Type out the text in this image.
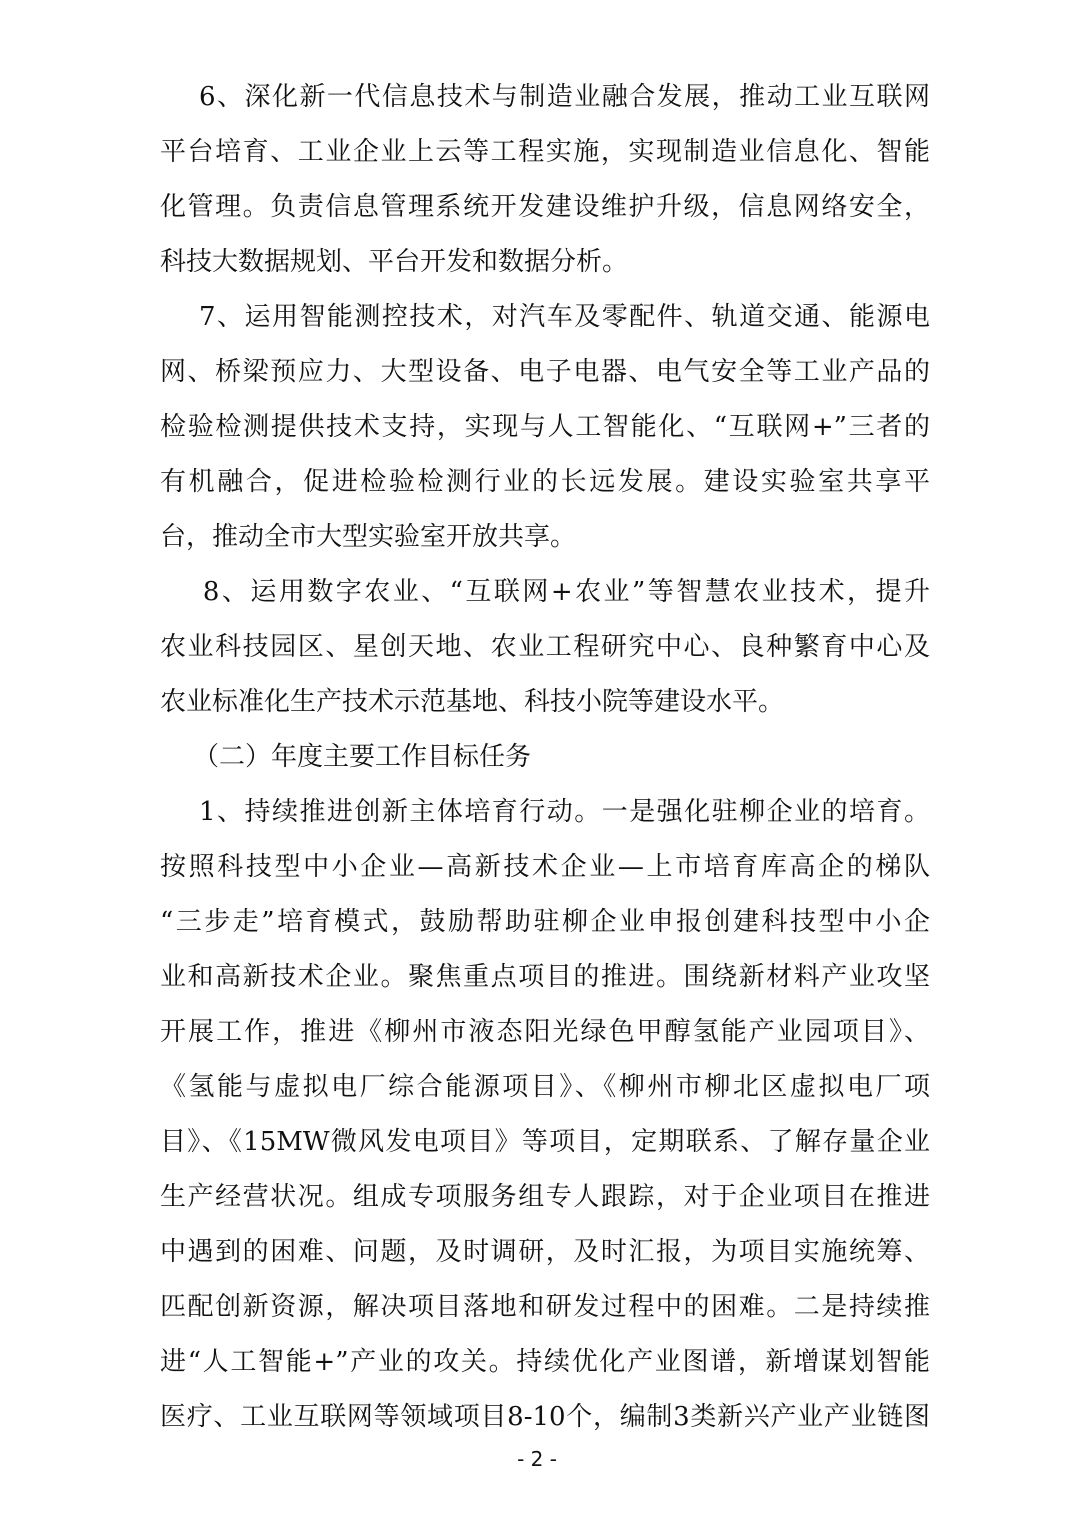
6、深化新一代信息技术与制造业融合发展，推动工业互联网
平台培育、工业企业上云等工程实施，实现制造业信息化、智能
化管理。负责信息管理系统开发建设维护升级，信息网络安全，
科技大数据规划、平台开发和数据分析。
7、运用智能测控技术，对汽车及零配件、轨道交通、能源电
网、桥梁预应力、大型设备、电子电器、电气安全等工业产品的
检验检测提供技术支持，实现与人工智能化、“互联网+”三者的
有机融合，促进检验检测行业的长远发展。建设实验室共享平
台，推动全市大型实验室开放共享。
8、运用数字农业、“互联网+农业”等智慧农业技术，提升
农业科技园区、星创天地、农业工程研究中心、良种繁育中心及
农业标准化生产技术示范基地、科技小院等建设水平。
（二）年度主要工作目标任务
1、持续推进创新主体培育行动。一是强化驻柳企业的培育。
按照科技型中小企业—高新技术企业—上市培育库高企的梯队
“三步走”培育模式，鼓励帮助驻柳企业申报创建科技型中小企
业和高新技术企业。聚焦重点项目的推进。围绕新材料产业攻坚
开展工作，推进《柳州市液态阳光绿色甲醇氢能产业园项目》、
《氢能与虚拟电厂综合能源项目》、《柳州市柳北区虚拟电厂项
目》、《15MW微风发电项目》等项目，定期联系、了解存量企业
生产经营状况。组成专项服务组专人跟踪，对于企业项目在推进
中遇到的困难、问题，及时调研，及时汇报，为项目实施统筹、
匹配创新资源，解决项目落地和研发过程中的困难。二是持续推
进“人工智能+”产业的攻关。持续优化产业图谱，新增谋划智能
医疗、工业互联网等领域项目8-10个，编制3类新兴产业产业链图
- 2 -
